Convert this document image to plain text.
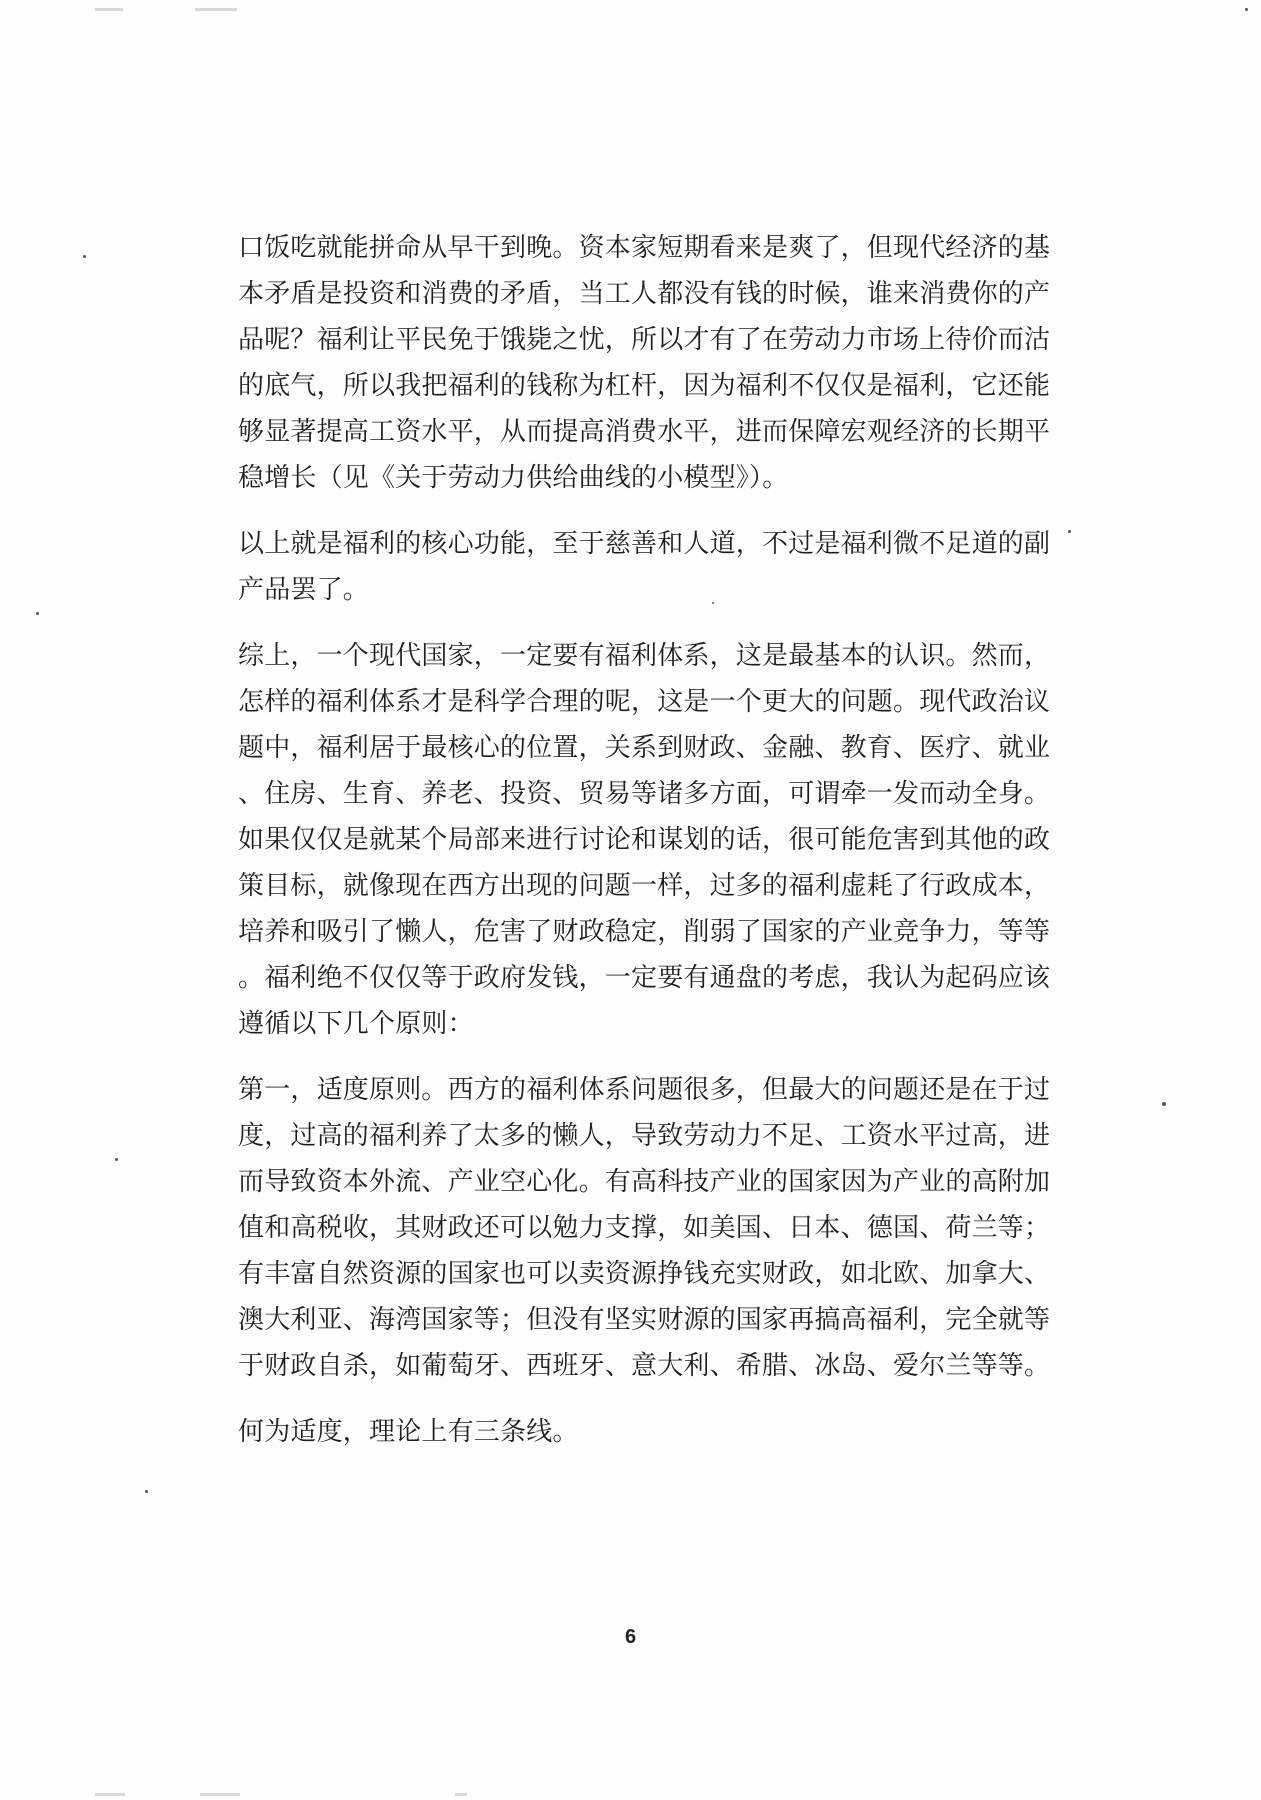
口饭吃就能拼命从早干到晚。资本家短期看来是爽了，但现代经济的基
本矛盾是投资和消费的矛盾，当工人都没有钱的时候，谁来消费你的产
品呢？福利让平民免于饿毙之忧，所以才有了在劳动力市场上待价而沽
的底气，所以我把福利的钱称为杠杆，因为福利不仅仅是福利，它还能
够显著提高工资水平，从而提高消费水平，进而保障宏观经济的长期平
稳增长（见《关于劳动力供给曲线的小模型》）。

以上就是福利的核心功能，至于慈善和人道，不过是福利微不足道的副
产品罢了。

综上，一个现代国家，一定要有福利体系，这是最基本的认识。然而，
怎样的福利体系才是科学合理的呢，这是一个更大的问题。现代政治议
题中，福利居于最核心的位置，关系到财政、金融、教育、医疗、就业
、住房、生育、养老、投资、贸易等诸多方面，可谓牵一发而动全身。
如果仅仅是就某个局部来进行讨论和谋划的话，很可能危害到其他的政
策目标，就像现在西方出现的问题一样，过多的福利虚耗了行政成本，
培养和吸引了懒人，危害了财政稳定，削弱了国家的产业竞争力，等等
。福利绝不仅仅等于政府发钱，一定要有通盘的考虑，我认为起码应该
遵循以下几个原则：

第一，适度原则。西方的福利体系问题很多，但最大的问题还是在于过
度，过高的福利养了太多的懒人，导致劳动力不足、工资水平过高，进
而导致资本外流、产业空心化。有高科技产业的国家因为产业的高附加
值和高税收，其财政还可以勉力支撑，如美国、日本、德国、荷兰等；
有丰富自然资源的国家也可以卖资源挣钱充实财政，如北欧、加拿大、
澳大利亚、海湾国家等；但没有坚实财源的国家再搞高福利，完全就等
于财政自杀，如葡萄牙、西班牙、意大利、希腊、冰岛、爱尔兰等等。

何为适度，理论上有三条线。

6
